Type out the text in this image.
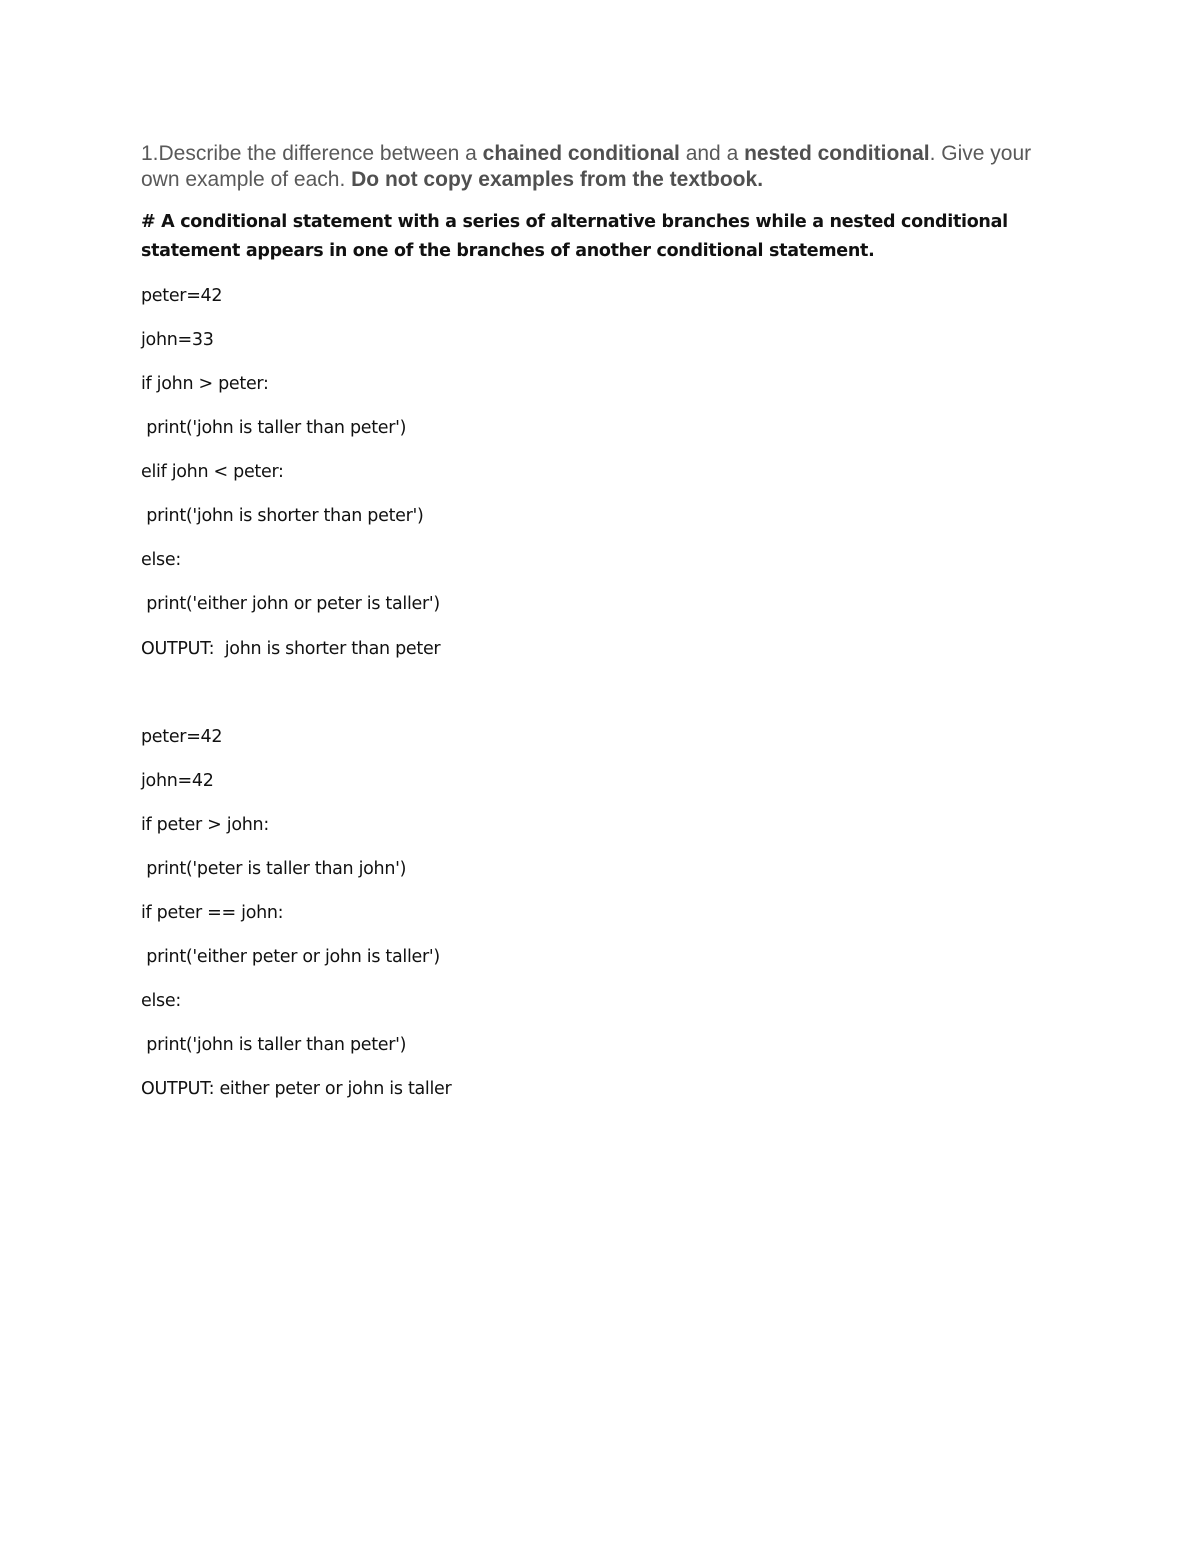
1.Describe the difference between a chained conditional and a nested conditional. Give your own example of each. Do not copy examples from the textbook.
# A conditional statement with a series of alternative branches while a nested conditional statement appears in one of the branches of another conditional statement.
peter=42
john=33
if john > peter:
print('john is taller than peter')
elif john < peter:
print('john is shorter than peter')
else:
print('either john or peter is taller')
OUTPUT:  john is shorter than peter
peter=42
john=42
if peter > john:
print('peter is taller than john')
if peter == john:
print('either peter or john is taller')
else:
print('john is taller than peter')
OUTPUT: either peter or john is taller
